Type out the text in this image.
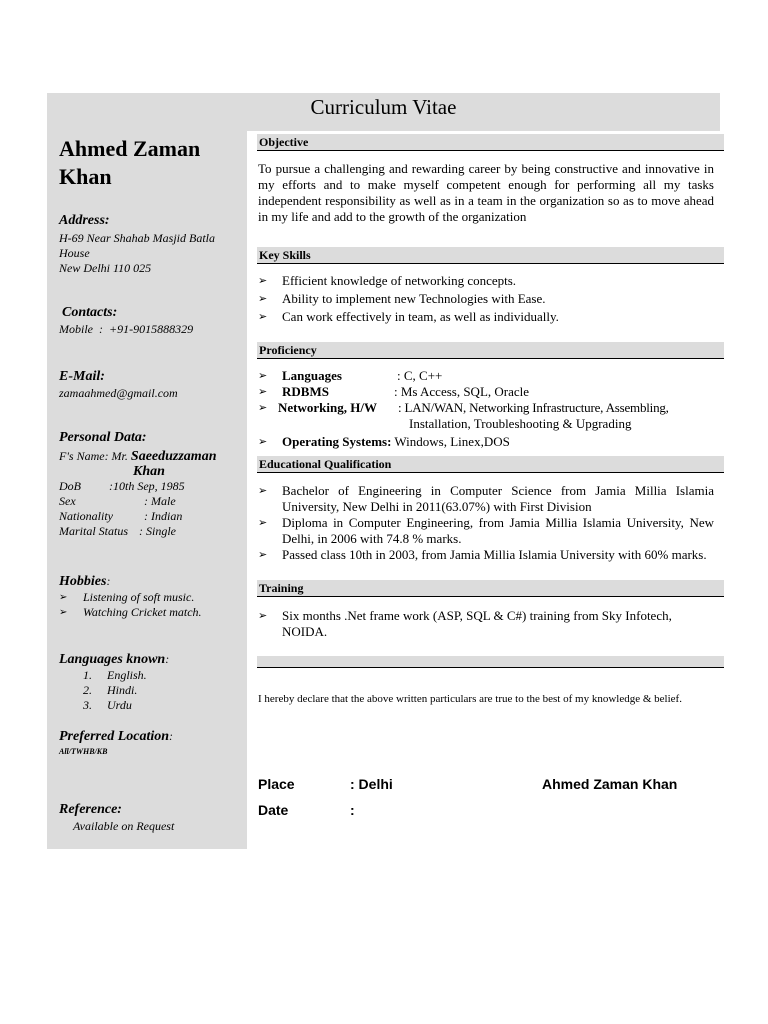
Curriculum Vitae
Ahmed Zaman
Khan
Address:
H-69 Near Shahab Masjid Batla
House
New Delhi 110 025
Contacts:
Mobile  :  +91-9015888329
E-Mail:
zamaahmed@gmail.com
Personal Data:
F's Name: Mr. Saeeduzzaman
Khan
DoB	:10th Sep, 1985
Sex	: Male
Nationality	: Indian
Marital Status : Single
Hobbies:
➢ Listening of soft music.
➢ Watching Cricket match.
Languages known:
1.     English.
2.     Hindi.
3.     Urdu
Preferred Location:
All/TWHB/KB
Reference:
Available on Request
Objective
To pursue a challenging and rewarding career by being constructive and innovative in my efforts and to make myself competent enough for performing all my tasks independent responsibility as well as in a team in the organization so as to move ahead in my life and add to the growth of the organization
Key Skills
➢ Efficient knowledge of networking concepts.
➢ Ability to implement new Technologies with Ease.
➢ Can work effectively in team, as well as individually.
Proficiency
➢ Languages	: C, C++
➢ RDBMS	: Ms Access, SQL, Oracle
➢ Networking, H/W : LAN/WAN, Networking Infrastructure, Assembling,
Installation, Troubleshooting & Upgrading
➢ Operating Systems: Windows, Linex,DOS
Educational Qualification
➢ Bachelor of Engineering in Computer Science from Jamia Millia Islamia University, New Delhi in 2011(63.07%) with First Division
➢ Diploma in Computer Engineering, from Jamia Millia Islamia University, New Delhi, in 2006 with 74.8 % marks.
➢ Passed class 10th in 2003, from Jamia Millia Islamia University with 60% marks.
Training
➢ Six months .Net frame work (ASP, SQL & C#) training from Sky Infotech, NOIDA.
I hereby declare that the above written particulars are true to the best of my knowledge & belief.
Place	: Delhi	Ahmed Zaman Khan
Date	:
